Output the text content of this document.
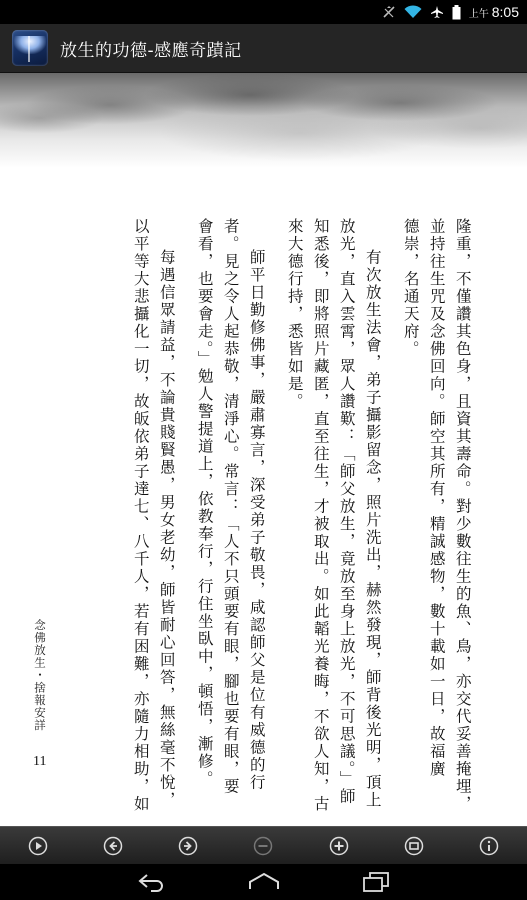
上午 8:05
放生的功德-感應奇蹟記
隆重，不僅讚其色身，且資其壽命。對少數往生的魚、鳥，亦交代妥善掩埋，
並持往生咒及念佛回向。師空其所有，精誠感物，數十載如一日，故福廣
德崇，名通天府。
有次放生法會，弟子攝影留念，照片洗出，赫然發現，師背後光明，頂上
放光，直入雲霄，眾人讚歎：「師父放生，竟放至身上放光，不可思議。」師
知悉後，即將照片藏匿，直至往生，才被取出。如此韜光養晦，不欲人知，古
來大德行持，悉皆如是。
師平日勤修佛事，嚴肅寡言，深受弟子敬畏，咸認師父是位有威德的行
者。見之令人起恭敬，清淨心。常言：「人不只頭要有眼，腳也要有眼，要
會看，也要會走。」勉人警提道上，依教奉行，行住坐臥中，頓悟，漸修。
每遇信眾請益，不論貴賤賢愚，男女老幼，師皆耐心回答，無絲毫不悅，
以平等大悲攝化一切，故皈依弟子達七、八千人，若有困難，亦隨力相助，如
念佛放生・捨報安詳
11
